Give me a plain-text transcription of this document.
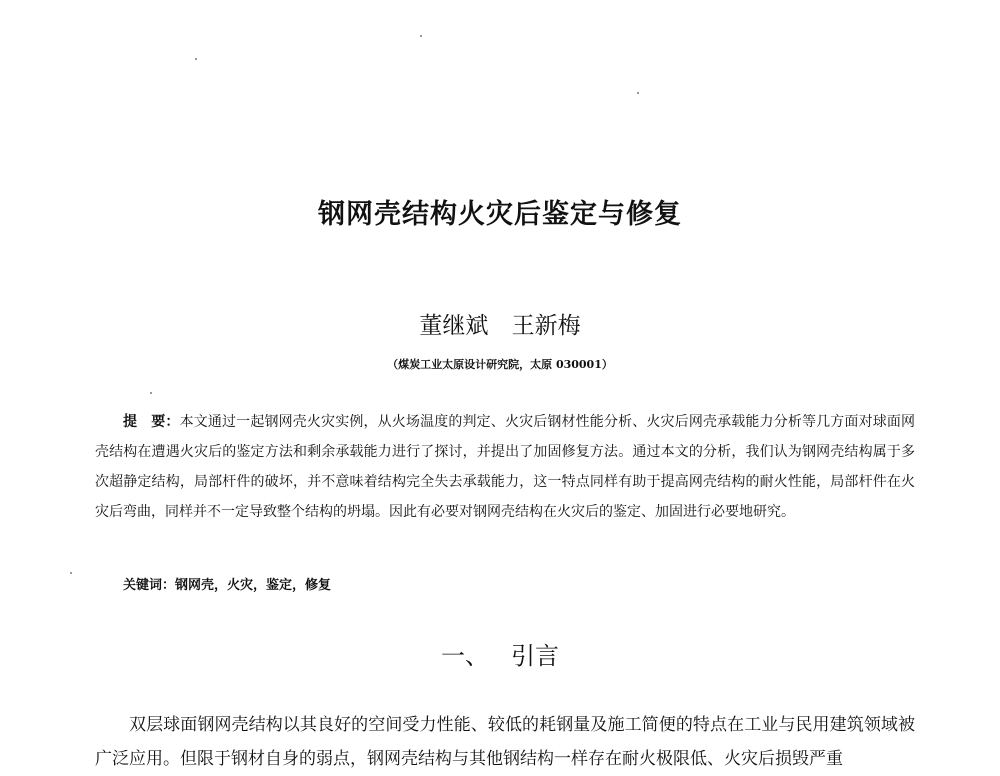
钢网壳结构火灾后鉴定与修复
董继斌 王新梅
（煤炭工业太原设计研究院，太原 030001）
提　要：本文通过一起钢网壳火灾实例，从火场温度的判定、火灾后钢材性能分析、火灾后网壳承载能力分析等几方面对球面网壳结构在遭遇火灾后的鉴定方法和剩余承载能力进行了探讨，并提出了加固修复方法。通过本文的分析，我们认为钢网壳结构属于多次超静定结构，局部杆件的破坏，并不意味着结构完全失去承载能力，这一特点同样有助于提高网壳结构的耐火性能，局部杆件在火灾后弯曲，同样并不一定导致整个结构的坍塌。因此有必要对钢网壳结构在火灾后的鉴定、加固进行必要地研究。
关键词：钢网壳，火灾，鉴定，修复
一、 引言
双层球面钢网壳结构以其良好的空间受力性能、较低的耗钢量及施工简便的特点在工业与民用建筑领域被广泛应用。但限于钢材自身的弱点，钢网壳结构与其他钢结构一样存在耐火极限低、火灾后损毁严重
